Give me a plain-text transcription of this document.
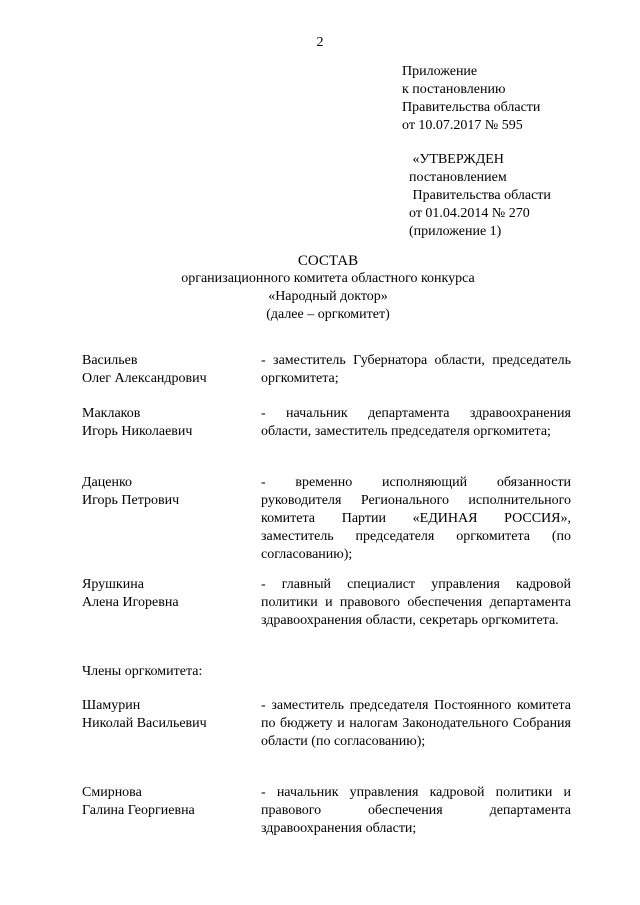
2
Приложение
к постановлению
Правительства области
от 10.07.2017 № 595
«УТВЕРЖДЕН
постановлением
Правительства области
от 01.04.2014 № 270
(приложение 1)
СОСТАВ
организационного комитета областного конкурса
«Народный доктор»
(далее – оргкомитет)
Васильев
Олег Александрович
- заместитель Губернатора области, председатель оргкомитета;
Маклаков
Игорь Николаевич
- начальник департамента здравоохранения области, заместитель председателя оргкомитета;
Даценко
Игорь Петрович
- временно исполняющий обязанности руководителя Регионального исполнительного комитета Партии «ЕДИНАЯ РОССИЯ», заместитель председателя оргкомитета (по согласованию);
Ярушкина
Алена Игоревна
- главный специалист управления кадровой политики и правового обеспечения департамента здравоохранения области, секретарь оргкомитета.
Члены оргкомитета:
Шамурин
Николай Васильевич
- заместитель председателя Постоянного комитета по бюджету и налогам Законодательного Собрания области (по согласованию);
Смирнова
Галина Георгиевна
- начальник управления кадровой политики и правового обеспечения департамента здравоохранения области;
